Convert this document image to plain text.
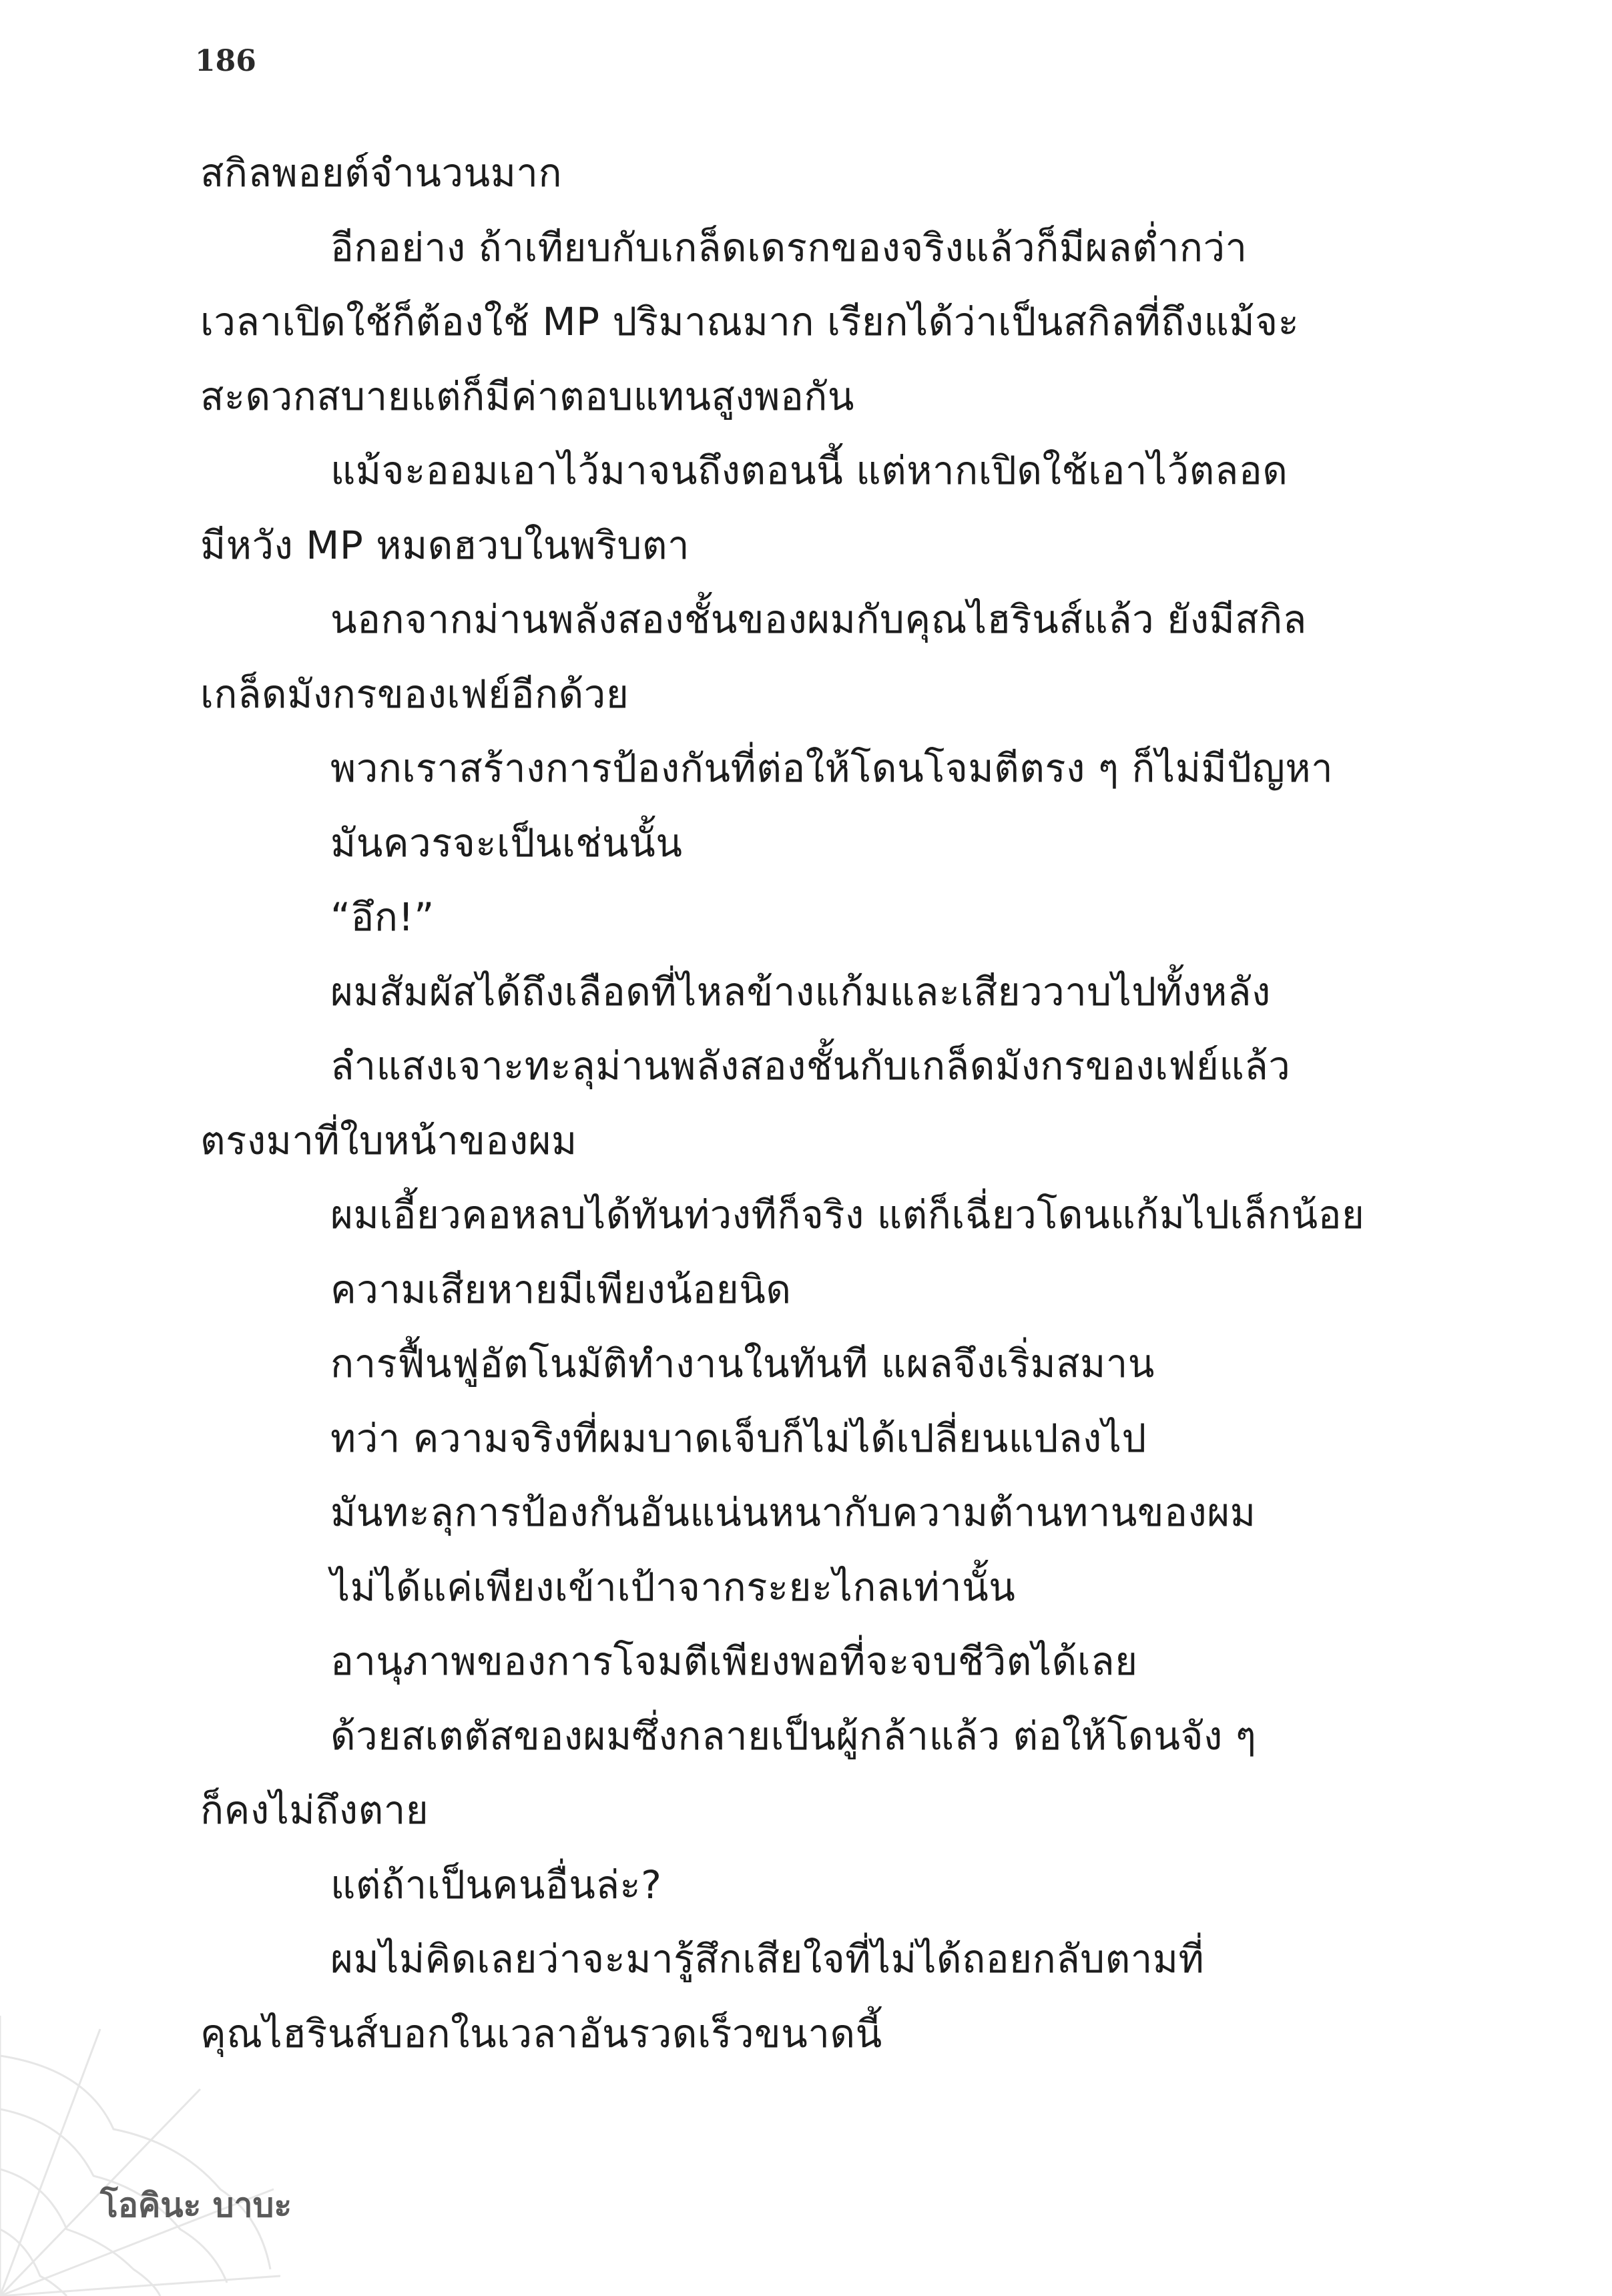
186
สกิลพอยต์จำนวนมาก
อีกอย่าง ถ้าเทียบกับเกล็ดเดรกของจริงแล้วก็มีผลต่ำกว่า
เวลาเปิดใช้ก็ต้องใช้ MP ปริมาณมาก เรียกได้ว่าเป็นสกิลที่ถึงแม้จะ
สะดวกสบายแต่ก็มีค่าตอบแทนสูงพอกัน
แม้จะออมเอาไว้มาจนถึงตอนนี้ แต่หากเปิดใช้เอาไว้ตลอด
มีหวัง MP หมดฮวบในพริบตา
นอกจากม่านพลังสองชั้นของผมกับคุณไฮรินส์แล้ว ยังมีสกิล
เกล็ดมังกรของเฟย์อีกด้วย
พวกเราสร้างการป้องกันที่ต่อให้โดนโจมตีตรง ๆ ก็ไม่มีปัญหา
มันควรจะเป็นเช่นนั้น
“อึก!”
ผมสัมผัสได้ถึงเลือดที่ไหลข้างแก้มและเสียววาบไปทั้งหลัง
ลำแสงเจาะทะลุม่านพลังสองชั้นกับเกล็ดมังกรของเฟย์แล้ว
ตรงมาที่ใบหน้าของผม
ผมเอี้ยวคอหลบได้ทันท่วงทีก็จริง แต่ก็เฉี่ยวโดนแก้มไปเล็กน้อย
ความเสียหายมีเพียงน้อยนิด
การฟื้นฟูอัตโนมัติทำงานในทันที แผลจึงเริ่มสมาน
ทว่า ความจริงที่ผมบาดเจ็บก็ไม่ได้เปลี่ยนแปลงไป
มันทะลุการป้องกันอันแน่นหนากับความต้านทานของผม
ไม่ได้แค่เพียงเข้าเป้าจากระยะไกลเท่านั้น
อานุภาพของการโจมตีเพียงพอที่จะจบชีวิตได้เลย
ด้วยสเตตัสของผมซึ่งกลายเป็นผู้กล้าแล้ว ต่อให้โดนจัง ๆ
ก็คงไม่ถึงตาย
แต่ถ้าเป็นคนอื่นล่ะ?
ผมไม่คิดเลยว่าจะมารู้สึกเสียใจที่ไม่ได้ถอยกลับตามที่
คุณไฮรินส์บอกในเวลาอันรวดเร็วขนาดนี้
โอคินะ บาบะ
